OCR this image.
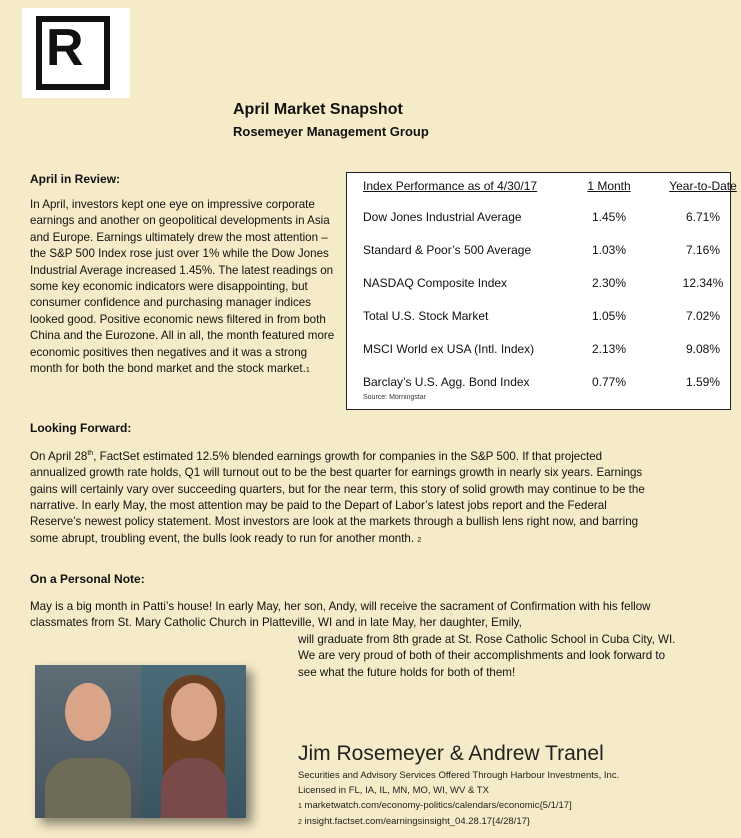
R
April Market Snapshot
Rosemeyer Management Group
April in Review:
In April, investors kept one eye on impressive corporate earnings and another on geopolitical developments in Asia and Europe. Earnings ultimately drew the most attention – the S&P 500 Index rose just over 1% while the Dow Jones Industrial Average increased 1.45%. The latest readings on some key economic indicators were disappointing, but consumer confidence and purchasing manager indices looked good. Positive economic news filtered in from both China and the Eurozone. All in all, the month featured more economic positives then negatives and it was a strong month for both the bond market and the stock market.1
Index Performance as of 4/30/17	1 Month	Year-to-Date
Dow Jones Industrial Average	1.45%	6.71%
Standard & Poor’s 500 Average	1.03%	7.16%
NASDAQ Composite Index	2.30%	12.34%
Total U.S. Stock Market	1.05%	7.02%
MSCI World ex USA (Intl. Index)	2.13%	9.08%
Barclay’s U.S. Agg. Bond Index	0.77%	1.59%
Source: Morningstar
Looking Forward:
On April 28th, FactSet estimated 12.5% blended earnings growth for companies in the S&P 500. If that projected annualized growth rate holds, Q1 will turnout out to be the best quarter for earnings growth in nearly six years. Earnings gains will certainly vary over succeeding quarters, but for the near term, this story of solid growth may continue to be the narrative. In early May, the most attention may be paid to the Depart of Labor’s latest jobs report and the Federal Reserve’s newest policy statement. Most investors are look at the markets through a bullish lens right now, and barring some abrupt, troubling event, the bulls look ready to run for another month. 2
On a Personal Note:
May is a big month in Patti’s house! In early May, her son, Andy, will receive the sacrament of Confirmation with his fellow classmates from St. Mary Catholic Church in Platteville, WI and in late May, her daughter, Emily,
will graduate from 8th grade at St. Rose Catholic School in Cuba City, WI. We are very proud of both of their accomplishments and look forward to see what the future holds for both of them!
Jim Rosemeyer & Andrew Tranel
Securities and Advisory Services Offered Through Harbour Investments, Inc.
Licensed in FL, IA, IL, MN, MO, WI, WV & TX
1 marketwatch.com/economy-politics/calendars/economic{5/1/17]
2 insight.factset.com/earningsinsight_04.28.17{4/28/17}
